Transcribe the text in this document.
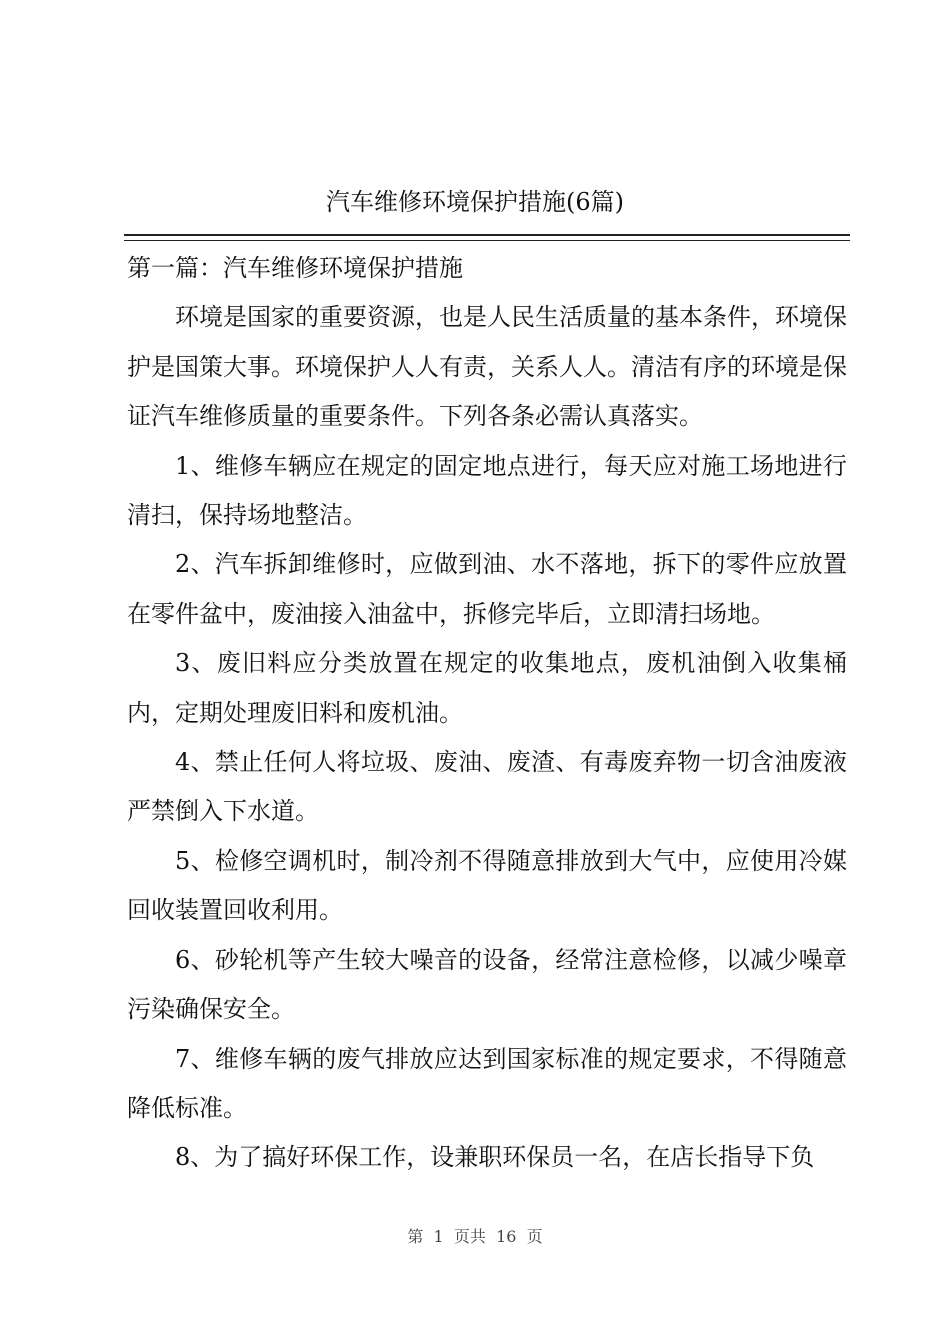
汽车维修环境保护措施(6篇)

第一篇：汽车维修环境保护措施

环境是国家的重要资源，也是人民生活质量的基本条件，环境保护是国策大事。环境保护人人有责，关系人人。清洁有序的环境是保证汽车维修质量的重要条件。下列各条必需认真落实。

1、维修车辆应在规定的固定地点进行，每天应对施工场地进行清扫，保持场地整洁。

2、汽车拆卸维修时，应做到油、水不落地，拆下的零件应放置在零件盆中，废油接入油盆中，拆修完毕后，立即清扫场地。

3、废旧料应分类放置在规定的收集地点，废机油倒入收集桶内，定期处理废旧料和废机油。

4、禁止任何人将垃圾、废油、废渣、有毒废弃物一切含油废液严禁倒入下水道。

5、检修空调机时，制冷剂不得随意排放到大气中，应使用冷媒回收装置回收利用。

6、砂轮机等产生较大噪音的设备，经常注意检修，以减少噪章污染确保安全。

7、维修车辆的废气排放应达到国家标准的规定要求，不得随意降低标准。

8、为了搞好环保工作，设兼职环保员一名，在店长指导下负

第  1  页共  16  页
